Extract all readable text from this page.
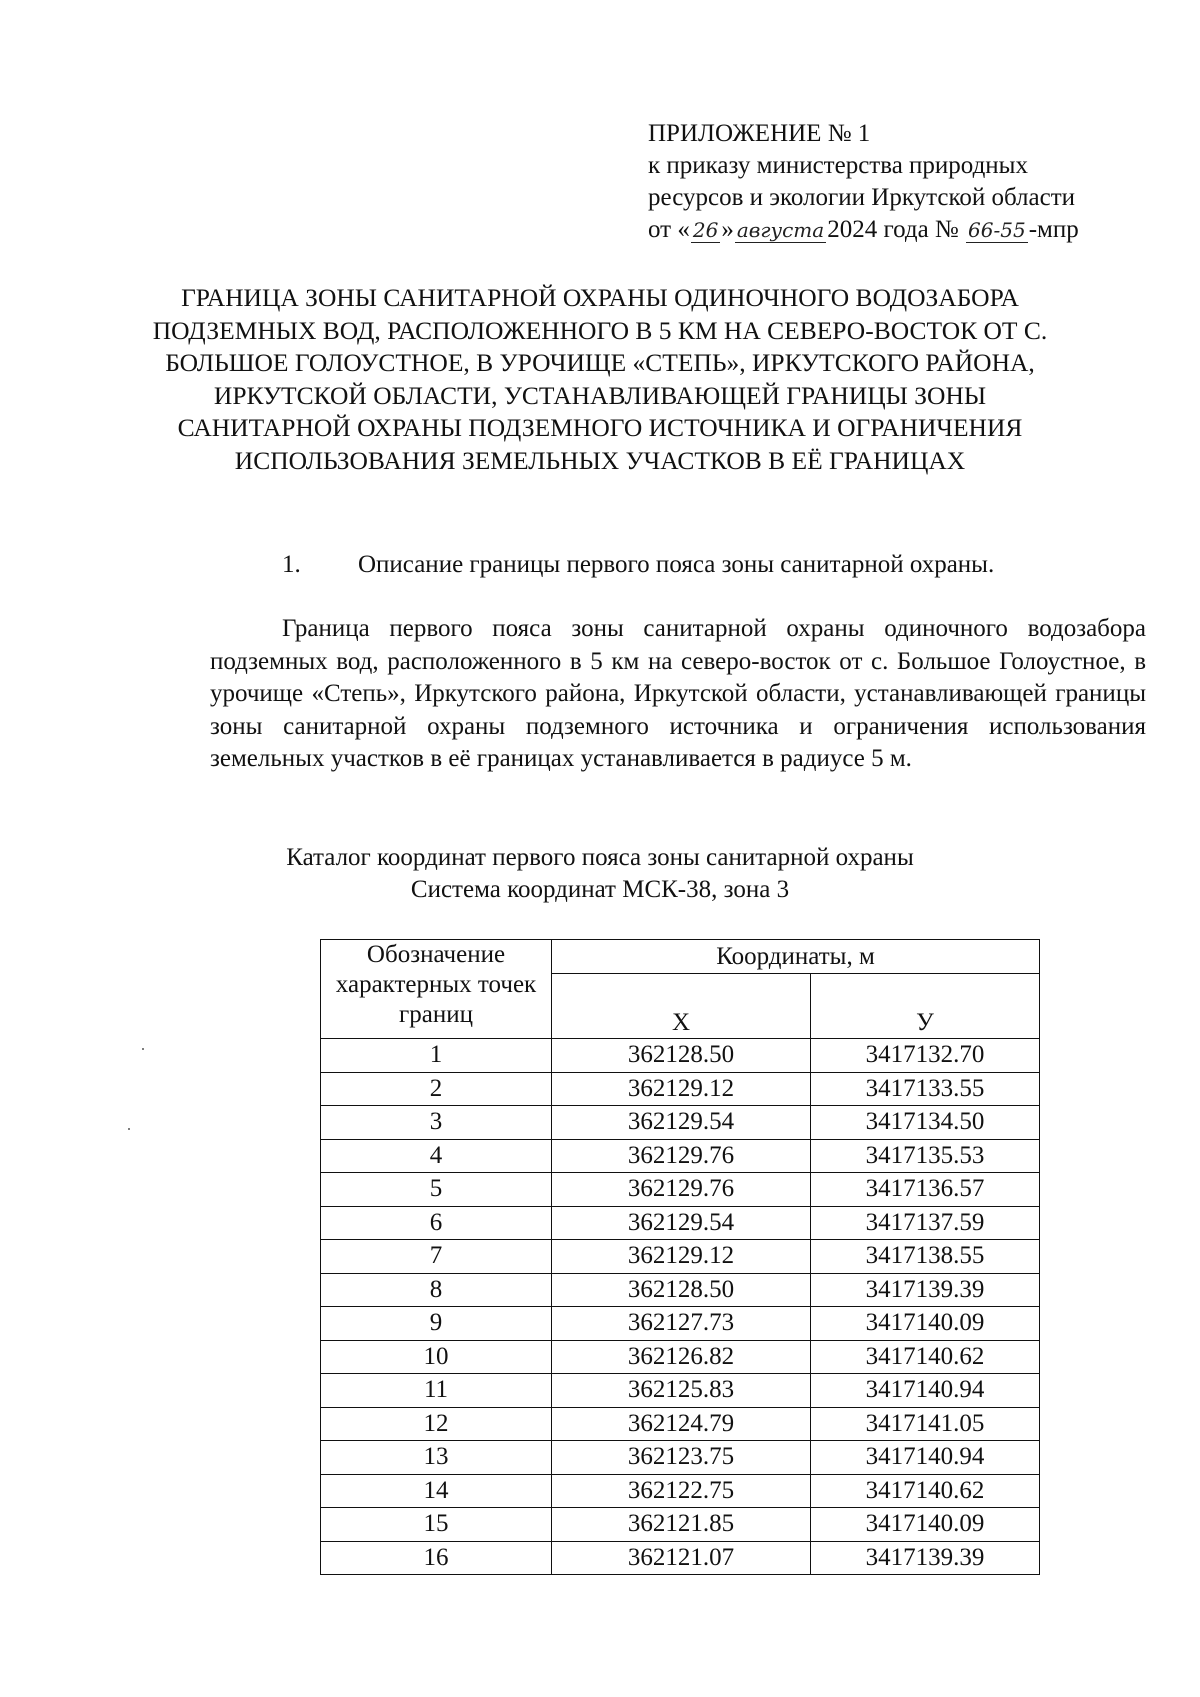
ПРИЛОЖЕНИЕ № 1
к приказу министерства природных
ресурсов и экологии Иркутской области
от « 26 » августа 2024 года № 66-55 -мпр
ГРАНИЦА ЗОНЫ САНИТАРНОЙ ОХРАНЫ ОДИНОЧНОГО ВОДОЗАБОРА ПОДЗЕМНЫХ ВОД, РАСПОЛОЖЕННОГО В 5 КМ НА СЕВЕРО-ВОСТОК ОТ С. БОЛЬШОЕ ГОЛОУСТНОЕ, В УРОЧИЩЕ «СТЕПЬ», ИРКУТСКОГО РАЙОНА, ИРКУТСКОЙ ОБЛАСТИ, УСТАНАВЛИВАЮЩЕЙ ГРАНИЦЫ ЗОНЫ САНИТАРНОЙ ОХРАНЫ ПОДЗЕМНОГО ИСТОЧНИКА И ОГРАНИЧЕНИЯ ИСПОЛЬЗОВАНИЯ ЗЕМЕЛЬНЫХ УЧАСТКОВ В ЕЁ ГРАНИЦАХ
1. Описание границы первого пояса зоны санитарной охраны.
Граница первого пояса зоны санитарной охраны одиночного водозабора подземных вод, расположенного в 5 км на северо-восток от с. Большое Голоустное, в урочище «Степь», Иркутского района, Иркутской области, устанавливающей границы зоны санитарной охраны подземного источника и ограничения использования земельных участков в её границах устанавливается в радиусе 5 м.
Каталог координат первого пояса зоны санитарной охраны
Система координат МСК-38, зона 3
Обозначение характерных точек границ	Координаты, м	
	X	У
1	362128.50	3417132.70
2	362129.12	3417133.55
3	362129.54	3417134.50
4	362129.76	3417135.53
5	362129.76	3417136.57
6	362129.54	3417137.59
7	362129.12	3417138.55
8	362128.50	3417139.39
9	362127.73	3417140.09
10	362126.82	3417140.62
11	362125.83	3417140.94
12	362124.79	3417141.05
13	362123.75	3417140.94
14	362122.75	3417140.62
15	362121.85	3417140.09
16	362121.07	3417139.39
